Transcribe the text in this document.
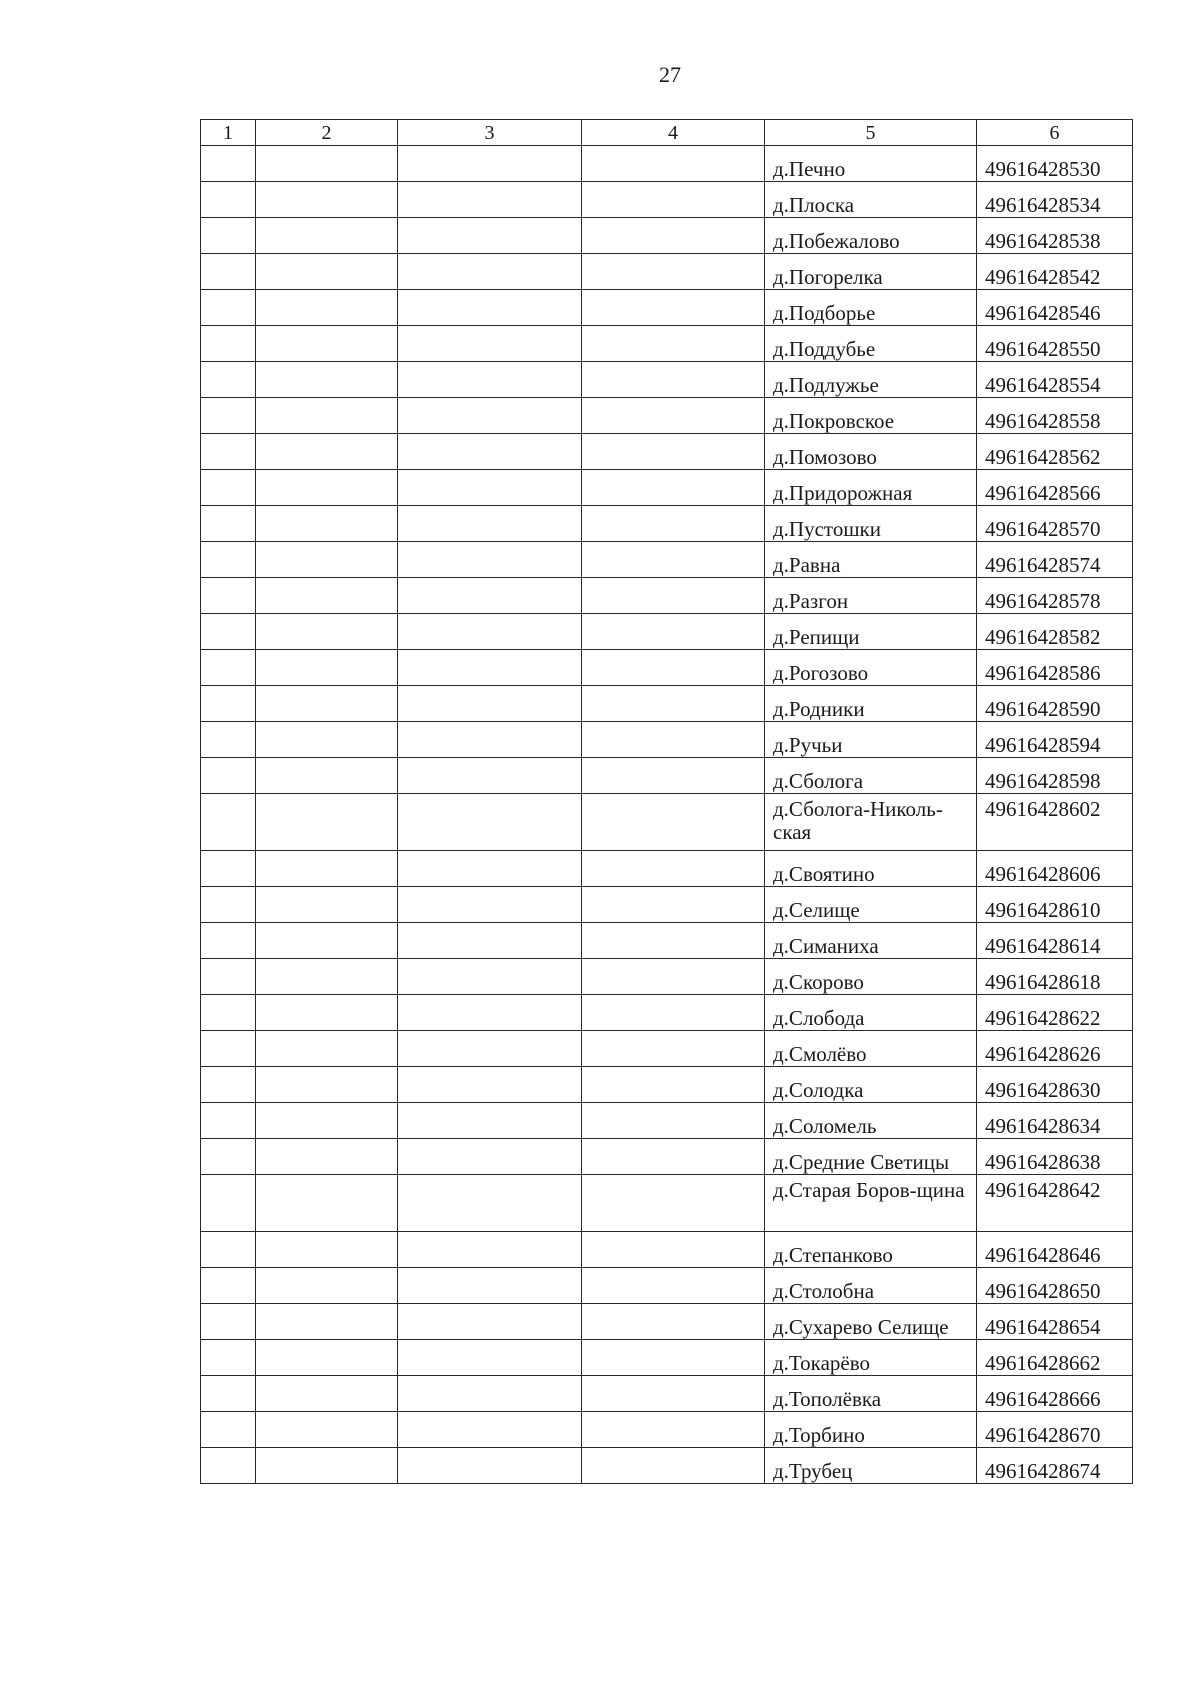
27
1	2	3	4	5	6
				д.Печно	49616428530
				д.Плоска	49616428534
				д.Побежалово	49616428538
				д.Погорелка	49616428542
				д.Подборье	49616428546
				д.Поддубье	49616428550
				д.Подлужье	49616428554
				д.Покровское	49616428558
				д.Помозово	49616428562
				д.Придорожная	49616428566
				д.Пустошки	49616428570
				д.Равна	49616428574
				д.Разгон	49616428578
				д.Репищи	49616428582
				д.Рогозово	49616428586
				д.Родники	49616428590
				д.Ручьи	49616428594
				д.Сбологa	49616428598
				д.Сболога-Николь-ская	49616428602
				д.Своятино	49616428606
				д.Селище	49616428610
				д.Симаниха	49616428614
				д.Скорово	49616428618
				д.Слобода	49616428622
				д.Смолёво	49616428626
				д.Солодка	49616428630
				д.Соломель	49616428634
				д.Средние Светицы	49616428638
				д.Старая Боров-щина	49616428642
				д.Степанково	49616428646
				д.Столобна	49616428650
				д.Сухарево Селище	49616428654
				д.Токарёво	49616428662
				д.Тополёвка	49616428666
				д.Торбино	49616428670
				д.Трубец	49616428674
